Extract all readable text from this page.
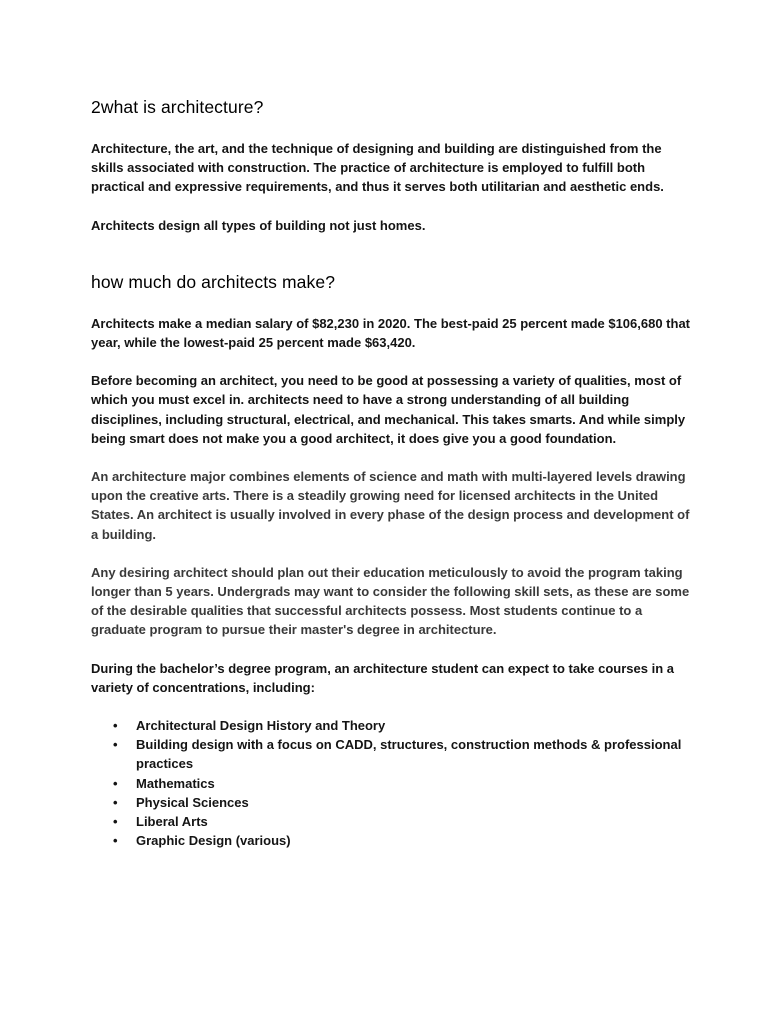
2what is architecture?

Architecture, the art, and the technique of designing and building are distinguished from the skills associated with construction. The practice of architecture is employed to fulfill both practical and expressive requirements, and thus it serves both utilitarian and aesthetic ends.

Architects design all types of building not just homes.

how much do architects make?

Architects make a median salary of $82,230 in 2020. The best-paid 25 percent made $106,680 that year, while the lowest-paid 25 percent made $63,420.

Before becoming an architect, you need to be good at possessing a variety of qualities, most of which you must excel in. architects need to have a strong understanding of all building disciplines, including structural, electrical, and mechanical. This takes smarts. And while simply being smart does not make you a good architect, it does give you a good foundation.

An architecture major combines elements of science and math with multi-layered levels drawing upon the creative arts. There is a steadily growing need for licensed architects in the United States. An architect is usually involved in every phase of the design process and development of a building.

Any desiring architect should plan out their education meticulously to avoid the program taking longer than 5 years. Undergrads may want to consider the following skill sets, as these are some of the desirable qualities that successful architects possess. Most students continue to a graduate program to pursue their master's degree in architecture.

During the bachelor’s degree program, an architecture student can expect to take courses in a variety of concentrations, including:

• Architectural Design History and Theory
• Building design with a focus on CADD, structures, construction methods & professional practices
• Mathematics
• Physical Sciences
• Liberal Arts
• Graphic Design (various)
